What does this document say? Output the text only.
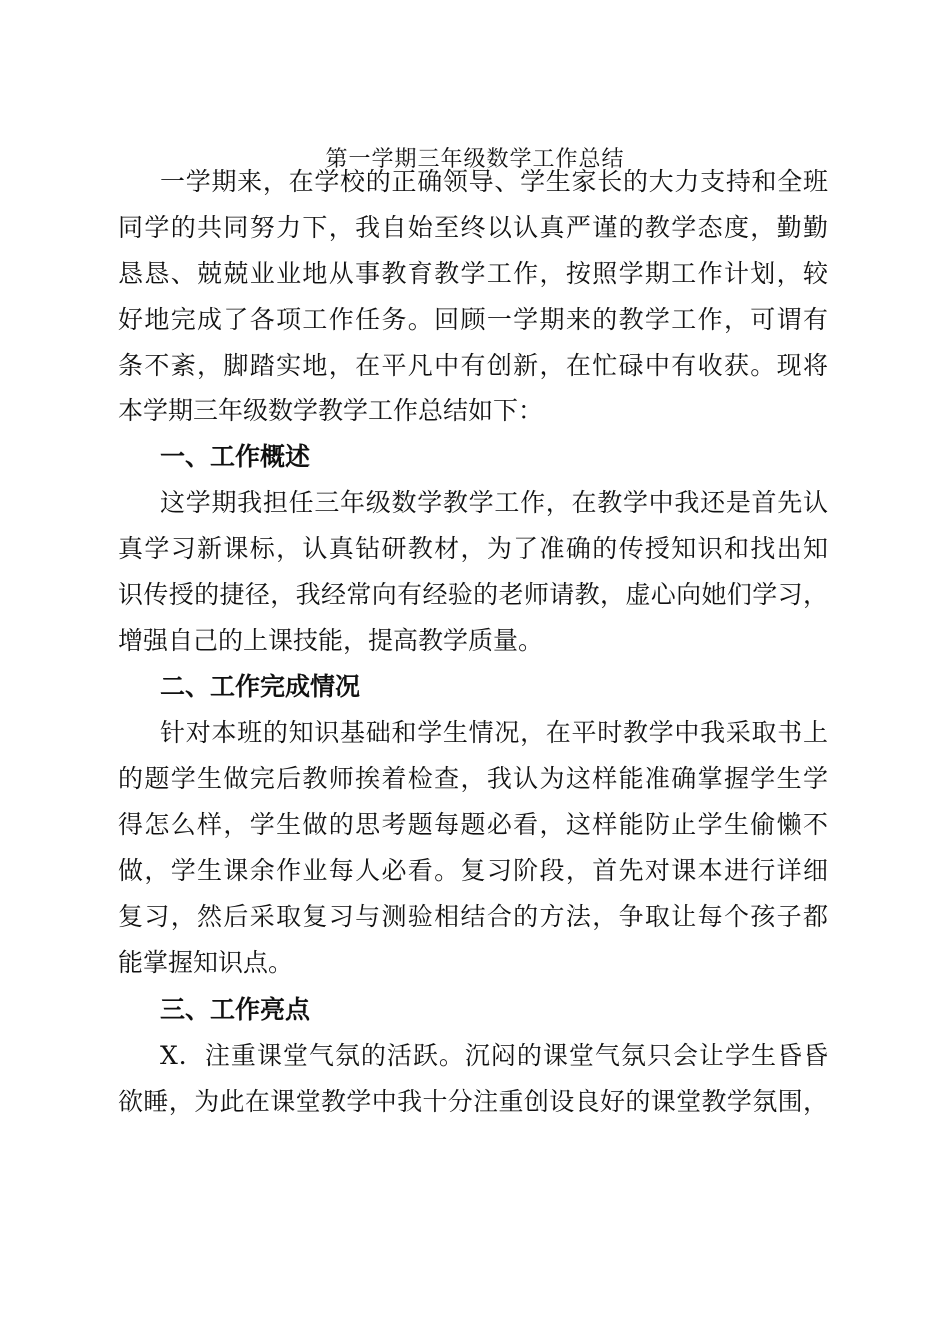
第一学期三年级数学工作总结
一学期来，在学校的正确领导、学生家长的大力支持和全班
同学的共同努力下，我自始至终以认真严谨的教学态度，勤勤
恳恳、兢兢业业地从事教育教学工作，按照学期工作计划，较
好地完成了各项工作任务。回顾一学期来的教学工作，可谓有
条不紊，脚踏实地，在平凡中有创新，在忙碌中有收获。现将
本学期三年级数学教学工作总结如下：
一、工作概述
这学期我担任三年级数学教学工作，在教学中我还是首先认
真学习新课标，认真钻研教材，为了准确的传授知识和找出知
识传授的捷径，我经常向有经验的老师请教，虚心向她们学习，
增强自己的上课技能，提高教学质量。
二、工作完成情况
针对本班的知识基础和学生情况，在平时教学中我采取书上
的题学生做完后教师挨着检查，我认为这样能准确掌握学生学
得怎么样，学生做的思考题每题必看，这样能防止学生偷懒不
做，学生课余作业每人必看。复习阶段，首先对课本进行详细
复习，然后采取复习与测验相结合的方法，争取让每个孩子都
能掌握知识点。
三、工作亮点
X．注重课堂气氛的活跃。沉闷的课堂气氛只会让学生昏昏
欲睡，为此在课堂教学中我十分注重创设良好的课堂教学氛围，
